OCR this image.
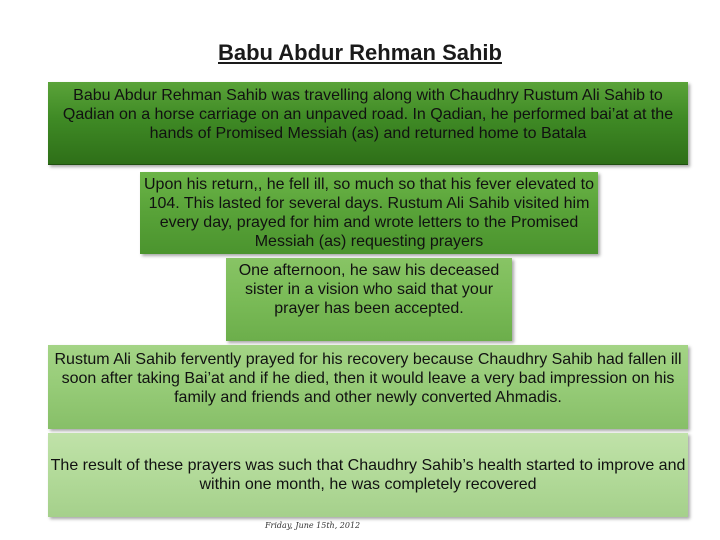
Babu Abdur Rehman Sahib
Babu Abdur Rehman Sahib was travelling along with Chaudhry Rustum Ali Sahib to Qadian on a horse carriage on an unpaved road. In Qadian, he performed bai’at at the hands of Promised Messiah (as) and returned home to Batala
Upon his return,, he fell ill, so much so that his fever elevated to 104. This lasted for several days. Rustum Ali Sahib visited him every day, prayed for him and wrote letters to the Promised Messiah (as) requesting prayers
One afternoon, he saw his deceased sister in a vision who said that your prayer has been accepted.
Rustum Ali Sahib fervently prayed for his recovery because Chaudhry Sahib had fallen ill soon after taking Bai’at and if he died, then it would leave a very bad impression on his family and friends and other newly converted Ahmadis.
The result of these prayers was such that Chaudhry Sahib’s health started to improve and within one month, he was completely recovered
Friday, June 15th, 2012
